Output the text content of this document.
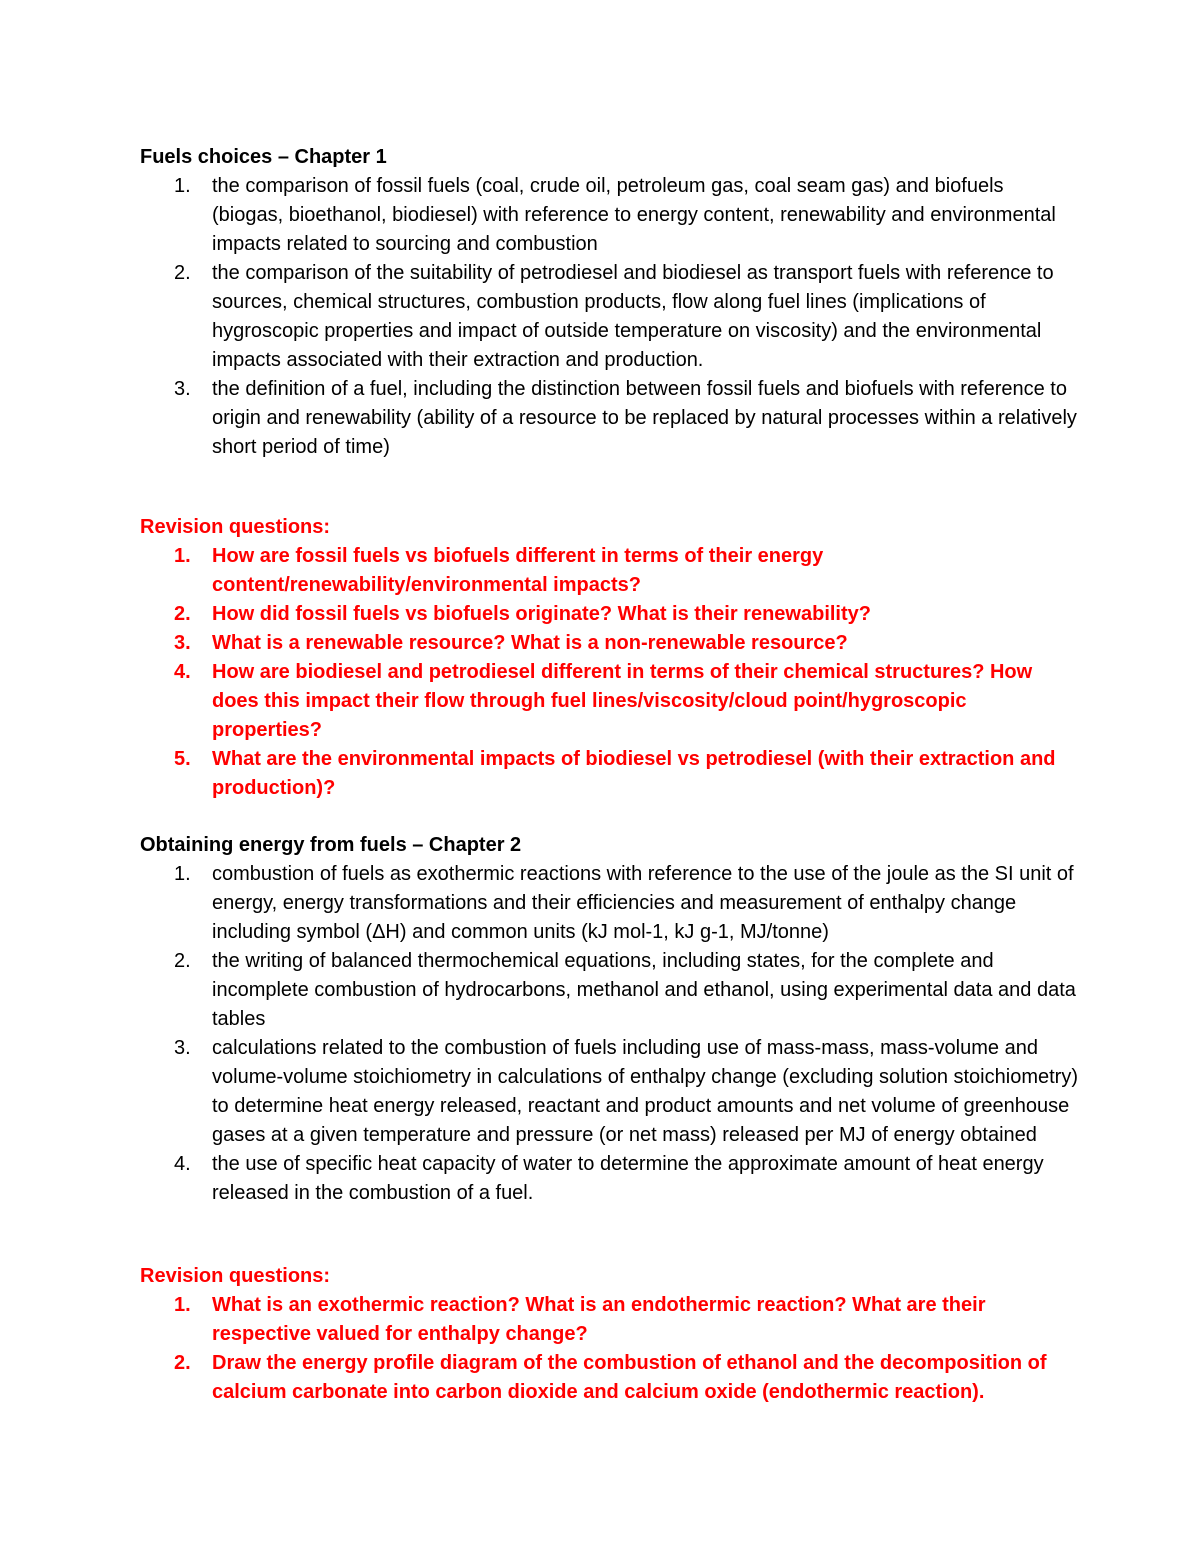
Fuels choices – Chapter 1

1. the comparison of fossil fuels (coal, crude oil, petroleum gas, coal seam gas) and biofuels (biogas, bioethanol, biodiesel) with reference to energy content, renewability and environmental impacts related to sourcing and combustion
2. the comparison of the suitability of petrodiesel and biodiesel as transport fuels with reference to sources, chemical structures, combustion products, flow along fuel lines (implications of hygroscopic properties and impact of outside temperature on viscosity) and the environmental impacts associated with their extraction and production.
3. the definition of a fuel, including the distinction between fossil fuels and biofuels with reference to origin and renewability (ability of a resource to be replaced by natural processes within a relatively short period of time)

Revision questions:

1. How are fossil fuels vs biofuels different in terms of their energy content/renewability/environmental impacts?
2. How did fossil fuels vs biofuels originate? What is their renewability?
3. What is a renewable resource? What is a non-renewable resource?
4. How are biodiesel and petrodiesel different in terms of their chemical structures? How does this impact their flow through fuel lines/viscosity/cloud point/hygroscopic properties?
5. What are the environmental impacts of biodiesel vs petrodiesel (with their extraction and production)?

Obtaining energy from fuels – Chapter 2

1. combustion of fuels as exothermic reactions with reference to the use of the joule as the SI unit of energy, energy transformations and their efficiencies and measurement of enthalpy change including symbol (ΔH) and common units (kJ mol-1, kJ g-1, MJ/tonne)
2. the writing of balanced thermochemical equations, including states, for the complete and incomplete combustion of hydrocarbons, methanol and ethanol, using experimental data and data tables
3. calculations related to the combustion of fuels including use of mass-mass, mass-volume and volume-volume stoichiometry in calculations of enthalpy change (excluding solution stoichiometry) to determine heat energy released, reactant and product amounts and net volume of greenhouse gases at a given temperature and pressure (or net mass) released per MJ of energy obtained
4. the use of specific heat capacity of water to determine the approximate amount of heat energy released in the combustion of a fuel.

Revision questions:

1. What is an exothermic reaction? What is an endothermic reaction? What are their respective valued for enthalpy change?
2. Draw the energy profile diagram of the combustion of ethanol and the decomposition of calcium carbonate into carbon dioxide and calcium oxide (endothermic reaction).
